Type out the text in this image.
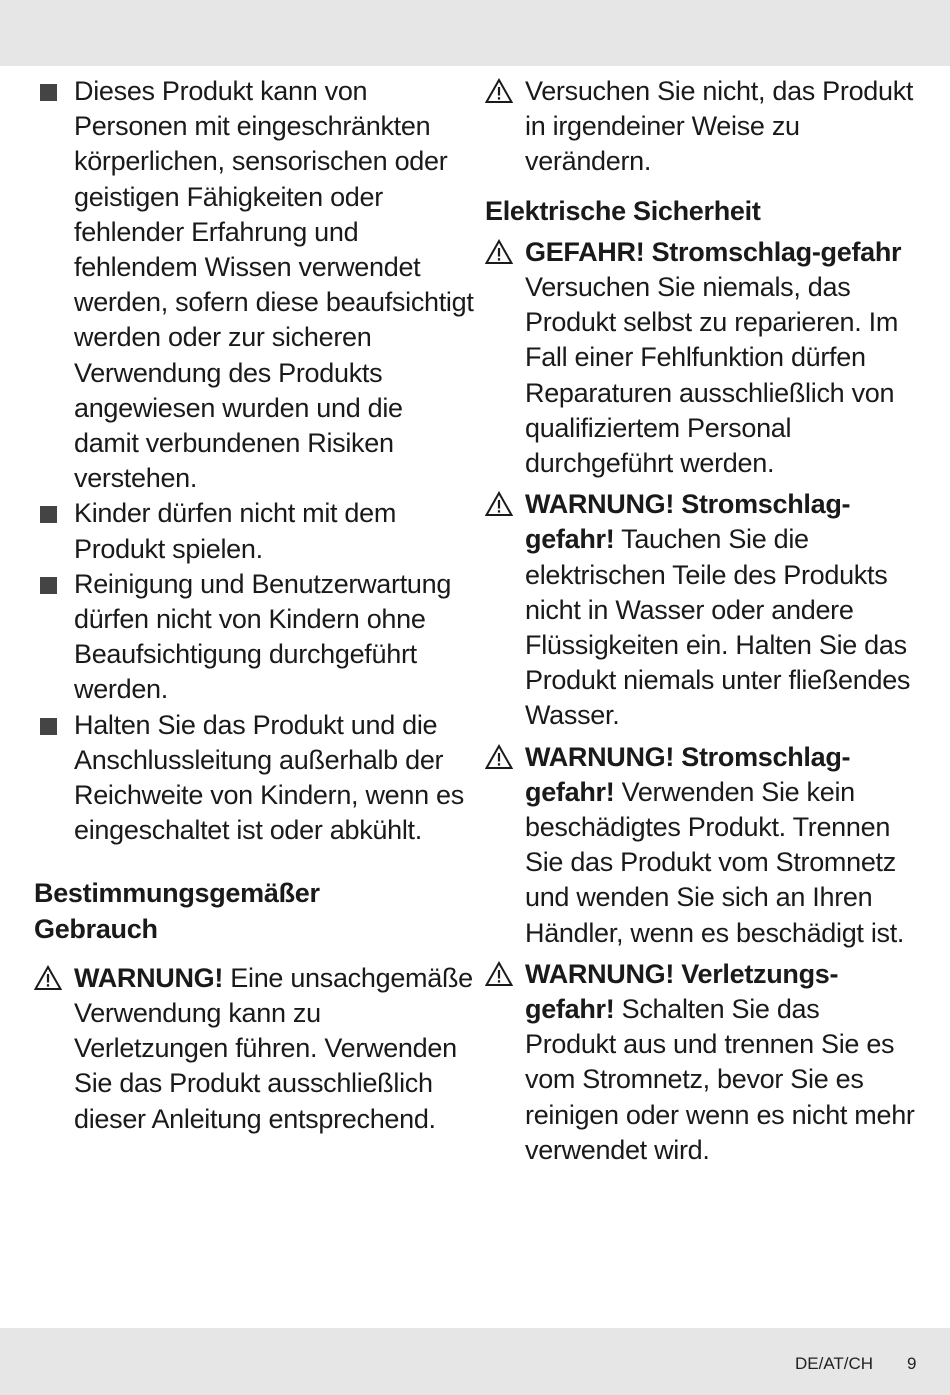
Dieses Produkt kann von Personen mit eingeschränkten körperlichen, sensorischen oder geistigen Fähigkeiten oder fehlender Erfahrung und fehlendem Wissen verwendet werden, sofern diese beaufsichtigt werden oder zur sicheren Verwendung des Produkts angewiesen wurden und die damit verbundenen Risiken verstehen.

Kinder dürfen nicht mit dem Produkt spielen.

Reinigung und Benutzerwartung dürfen nicht von Kindern ohne Beaufsichtigung durchgeführt werden.

Halten Sie das Produkt und die Anschlussleitung außerhalb der Reichweite von Kindern, wenn es eingeschaltet ist oder abkühlt.

Bestimmungsgemäßer Gebrauch

WARNUNG! Eine unsachgemäße Verwendung kann zu Verletzungen führen. Verwenden Sie das Produkt ausschließlich dieser Anleitung entsprechend.

Versuchen Sie nicht, das Produkt in irgendeiner Weise zu verändern.

Elektrische Sicherheit

GEFAHR! Stromschlag-gefahr Versuchen Sie niemals, das Produkt selbst zu reparieren. Im Fall einer Fehlfunktion dürfen Reparaturen ausschließlich von qualifiziertem Personal durchgeführt werden.

WARNUNG! Stromschlag-gefahr! Tauchen Sie die elektrischen Teile des Produkts nicht in Wasser oder andere Flüssigkeiten ein. Halten Sie das Produkt niemals unter fließendes Wasser.

WARNUNG! Stromschlag-gefahr! Verwenden Sie kein beschädigtes Produkt. Trennen Sie das Produkt vom Stromnetz und wenden Sie sich an Ihren Händler, wenn es beschädigt ist.

WARNUNG! Verletzungs-gefahr! Schalten Sie das Produkt aus und trennen Sie es vom Stromnetz, bevor Sie es reinigen oder wenn es nicht mehr verwendet wird.

DE/AT/CH 9
